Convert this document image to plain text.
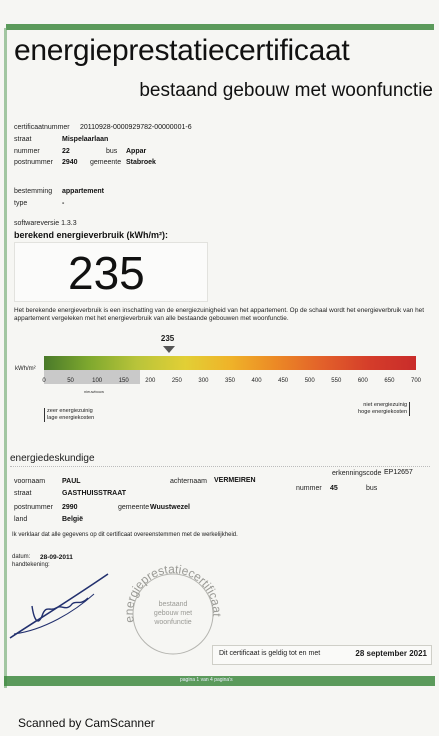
energieprestatiecertificaat
bestaand gebouw met woonfunctie
certificaatnummer 20110928-0000929782-00000001-6
straat	Mispelaarlaan
nummer	22	bus Appar
postnummer 2940 gemeente Stabroek
bestemming appartement
type	-
softwareversie 1.3.3
berekend energieverbruik (kWh/m²):
235
Het berekende energieverbruik is een inschatting van de energiezuinigheid van het appartement. Op de schaal wordt het energieverbruik van het appartement vergeleken met het energieverbruik van alle bestaande gebouwen met woonfunctie.
235
kWh/m²
0	50	100	150	200	250	300	350	400	450	500	550	600	650	700
nieuwbouw
zeer energiezuinig
lage energiekosten
niet energiezuinig
hoge energiekosten
energiedeskundige
voornaam PAUL	achternaam VERMEIREN
erkenningscode EP12657
straat	GASTHUISSTRAAT
nummer 45	bus
postnummer 2990	gemeente Wuustwezel
land	België
Ik verklaar dat alle gegevens op dit certificaat overeenstemmen met de werkelijkheid.
datum: 28-09-2011
handtekening:
energieprestatiecertificaat
bestaand
gebouw met
woonfunctie
Dit certificaat is geldig tot en met	28 september 2021
pagina 1 van 4 pagina's
Scanned by CamScanner
